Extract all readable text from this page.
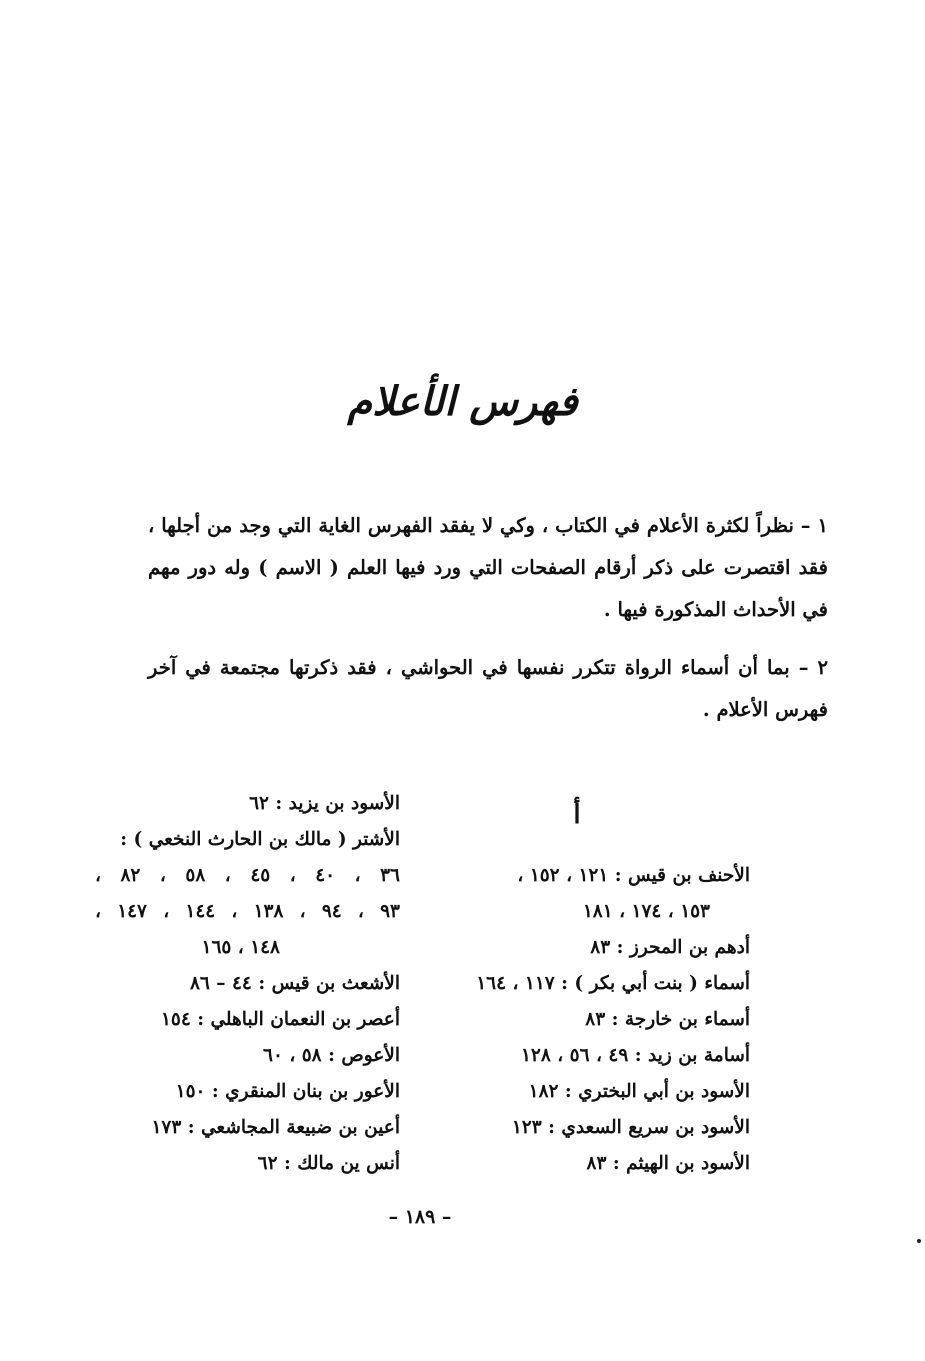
فهرس الأعلام

١ – نظراً لكثرة الأعلام في الكتاب ، وكي لا يفقد الفهرس الغاية التي وجد من أجلها ، فقد اقتصرت على ذكر أرقام الصفحات التي ورد فيها العلم ( الاسم ) وله دور مهم في الأحداث المذكورة فيها .

٢ – بما أن أسماء الرواة تتكرر نفسها في الحواشي ، فقد ذكرتها مجتمعة في آخر فهرس الأعلام .

أ
الأحنف بن قيس : ١٢١ ، ١٥٢ ،
١٥٣ ، ١٧٤ ، ١٨١
أدهم بن المحرز : ٨٣
أسماء ( بنت أبي بكر ) : ١١٧ ، ١٦٤
أسماء بن خارجة : ٨٣
أسامة بن زيد : ٤٩ ، ٥٦ ، ١٢٨
الأسود بن أبي البختري : ١٨٢
الأسود بن سريع السعدي : ١٢٣
الأسود بن الهيثم : ٨٣
الأسود بن يزيد : ٦٢
الأشتر ( مالك بن الحارث النخعي ) :
٣٦ ، ٤٠ ، ٤٥ ، ٥٨ ، ٨٢ ،
٩٣ ، ٩٤ ، ١٣٨ ، ١٤٤ ، ١٤٧ ،
١٤٨ ، ١٦٥
الأشعث بن قيس : ٤٤ – ٨٦
أعصر بن النعمان الباهلي : ١٥٤
الأعوص : ٥٨ ، ٦٠
الأعور بن بنان المنقري : ١٥٠
أعين بن ضبيعة المجاشعي : ١٧٣
أنس ين مالك : ٦٢
– ١٨٩ –
